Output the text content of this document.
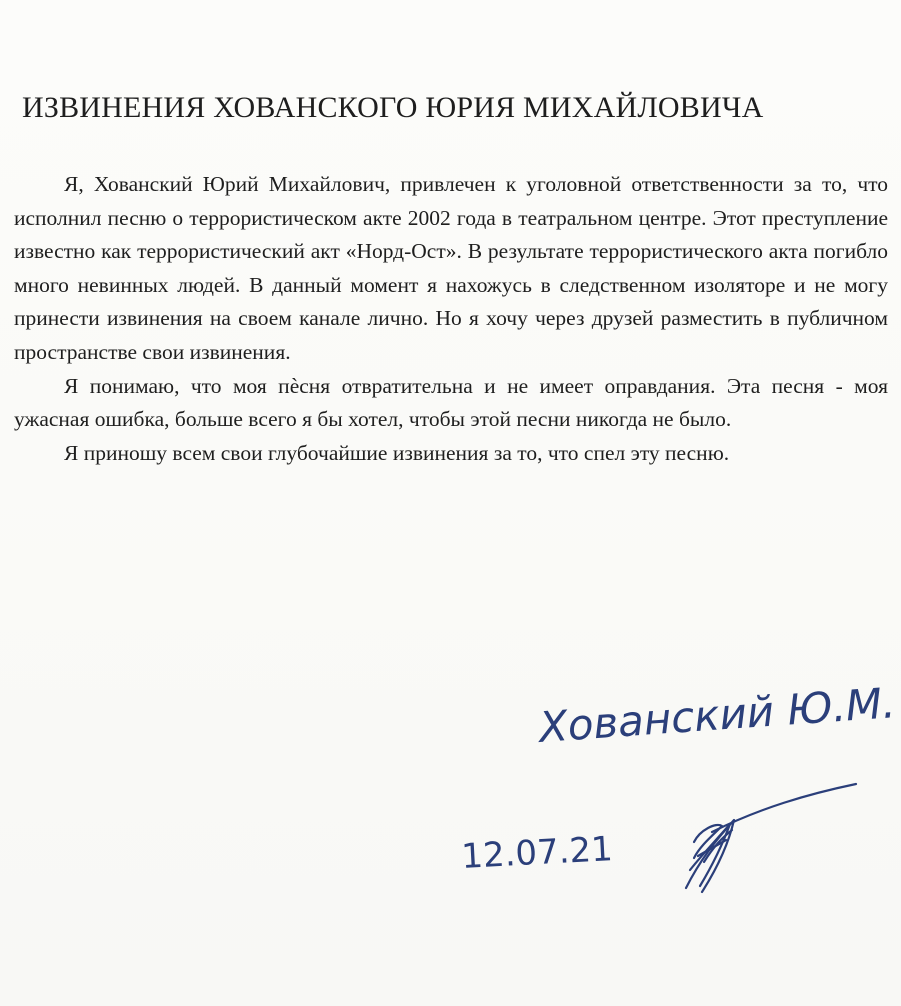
ИЗВИНЕНИЯ ХОВАНСКОГО ЮРИЯ МИХАЙЛОВИЧА

Я, Хованский Юрий Михайлович, привлечен к уголовной ответственности за то, что исполнил песню о террористическом акте 2002 года в театральном центре. Этот преступление известно как террористический акт «Норд-Ост». В результате террористического акта погибло много невинных людей. В данный момент я нахожусь в следственном изоляторе и не могу принести извинения на своем канале лично. Но я хочу через друзей разместить в публичном пространстве свои извинения.

Я понимаю, что моя пѐсня отвратительна и не имеет оправдания. Эта песня - моя ужасная ошибка, больше всего я бы хотел, чтобы этой песни никогда не было.

Я приношу всем свои глубочайшие извинения за то, что спел эту песню.

Хованский Ю.М.
12.07.21
